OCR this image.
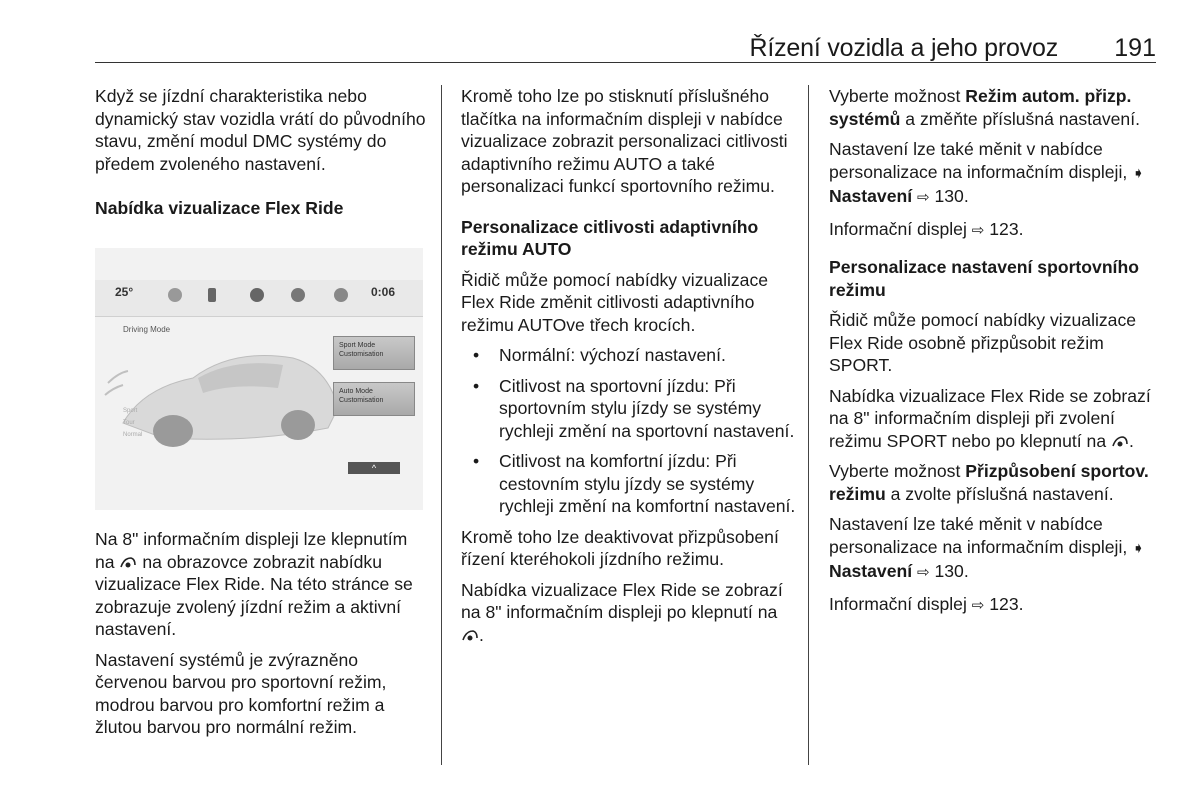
Řízení vozidla a jeho provoz 191

Když se jízdní charakteristika nebo dynamický stav vozidla vrátí do původního stavu, změní modul DMC systémy do předem zvoleného nastavení.

Nabídka vizualizace Flex Ride

25°	0:06
Driving Mode
Sport Mode Customisation
Auto Mode Customisation
Sport
Tour
Normal
^

Na 8" informačním displeji lze klepnutím na na obrazovce zobrazit nabídku vizualizace Flex Ride. Na této stránce se zobrazuje zvolený jízdní režim a aktivní nastavení.

Nastavení systémů je zvýrazněno červenou barvou pro sportovní režim, modrou barvou pro komfortní režim a žlutou barvou pro normální režim.

Kromě toho lze po stisknutí příslušného tlačítka na informačním displeji v nabídce vizualizace zobrazit personalizaci citlivosti adaptivního režimu AUTO a také personalizaci funkcí sportovního režimu.

Personalizace citlivosti adaptivního režimu AUTO

Řidič může pomocí nabídky vizualizace Flex Ride změnit citlivosti adaptivního režimu AUTOve třech krocích.

• Normální: výchozí nastavení.
• Citlivost na sportovní jízdu: Při sportovním stylu jízdy se systémy rychleji změní na sportovní nastavení.
• Citlivost na komfortní jízdu: Při cestovním stylu jízdy se systémy rychleji změní na komfortní nastavení.

Kromě toho lze deaktivovat přizpůsobení řízení kteréhokoli jízdního režimu.

Nabídka vizualizace Flex Ride se zobrazí na 8" informačním displeji po klepnutí na .

Vyberte možnost Režim autom. přizp. systémů a změňte příslušná nastavení.

Nastavení lze také měnit v nabídce personalizace na informačním displeji, ➧ Nastavení ⇨ 130.

Informační displej ⇨ 123.

Personalizace nastavení sportovního režimu

Řidič může pomocí nabídky vizualizace Flex Ride osobně přizpůsobit režim SPORT.

Nabídka vizualizace Flex Ride se zobrazí na 8" informačním displeji při zvolení režimu SPORT nebo po klepnutí na .

Vyberte možnost Přizpůsobení sportov. režimu a zvolte příslušná nastavení.

Nastavení lze také měnit v nabídce personalizace na informačním displeji, ➧ Nastavení ⇨ 130.

Informační displej ⇨ 123.
